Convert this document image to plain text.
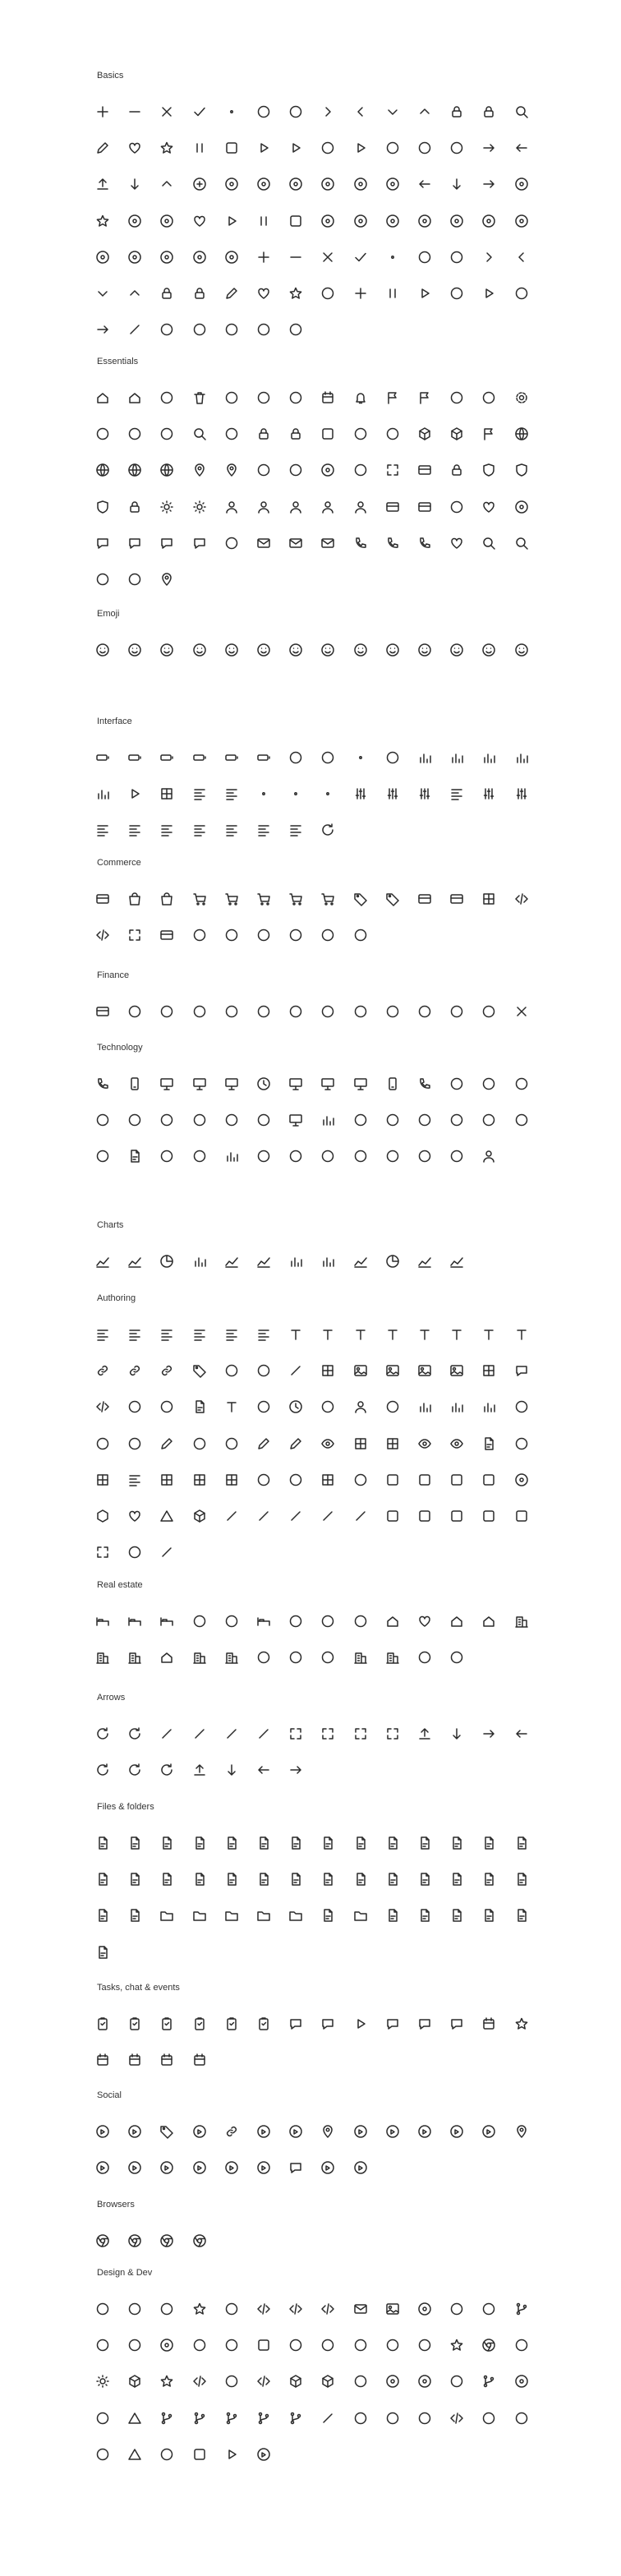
Basics
Essentials
Emoji
Interface
Commerce
Finance
Technology
Charts
Authoring
Real estate
Arrows
Files & folders
Tasks, chat & events
Social
Browsers
Design & Dev
